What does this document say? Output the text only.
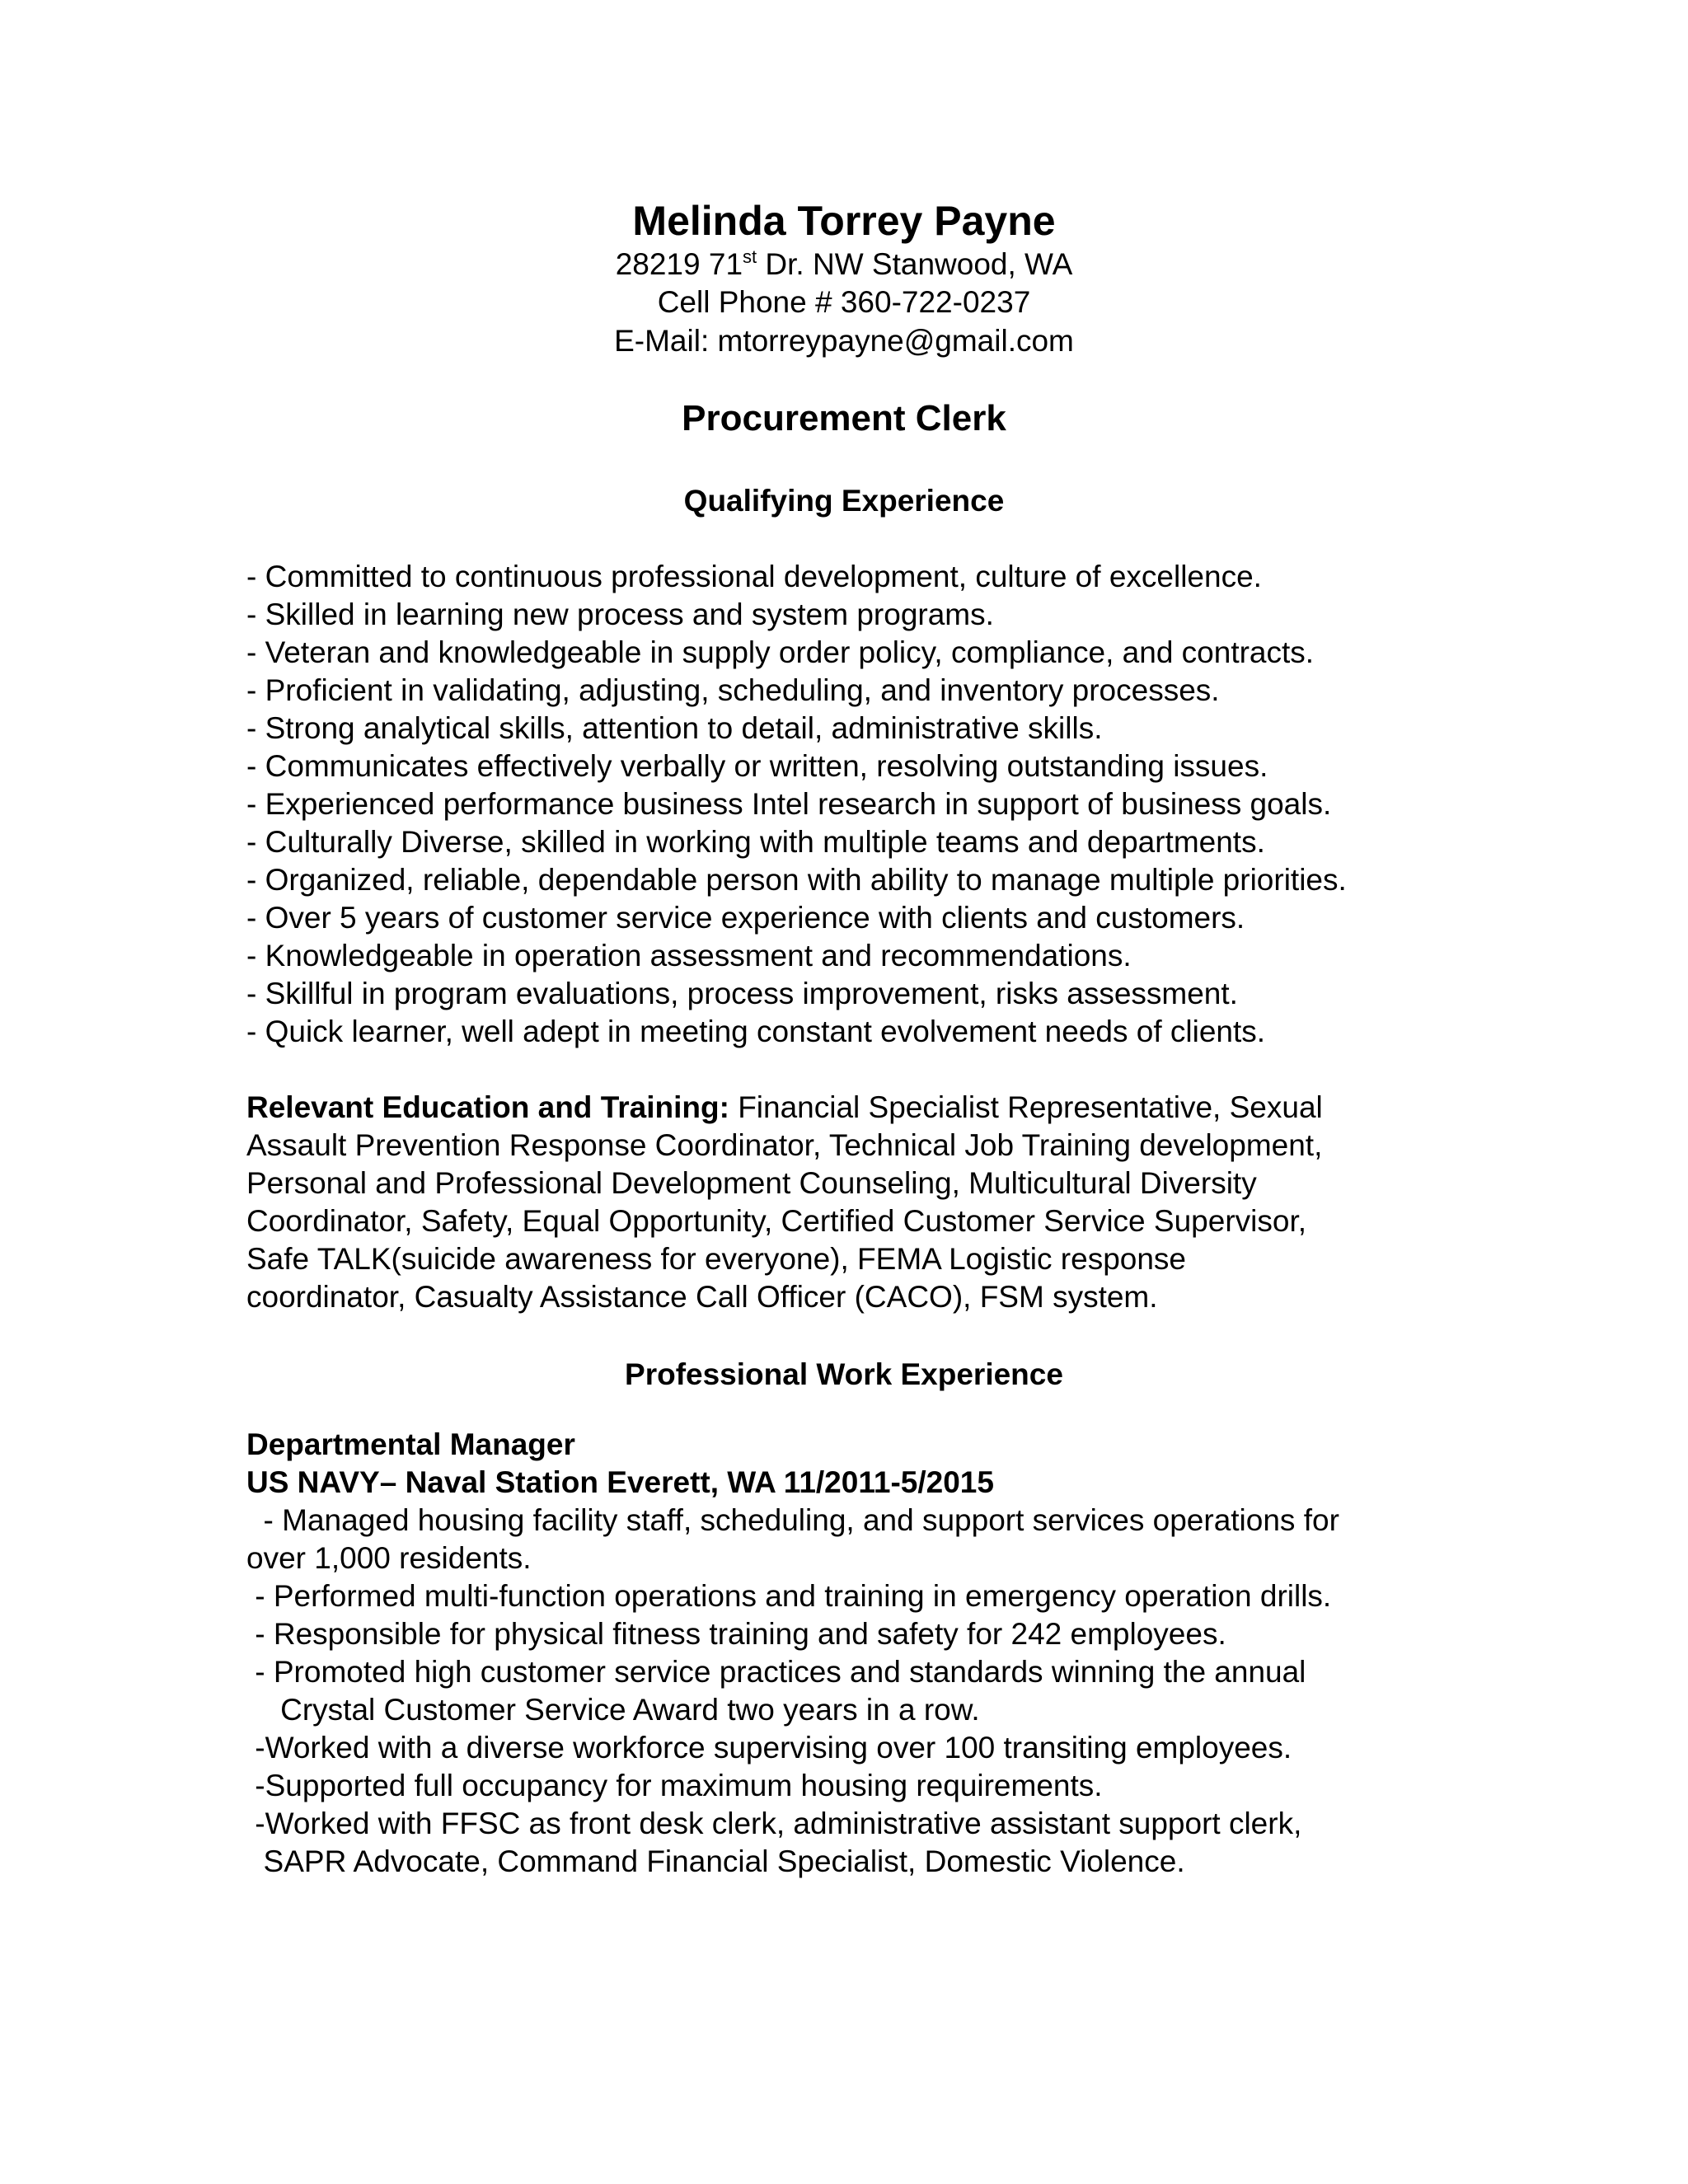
Melinda Torrey Payne
28219 71st Dr. NW Stanwood, WA
Cell Phone # 360-722-0237
E-Mail: mtorreypayne@gmail.com
Procurement Clerk
Qualifying Experience
- Committed to continuous professional development, culture of excellence.
- Skilled in learning new process and system programs.
- Veteran and knowledgeable in supply order policy, compliance, and contracts.
- Proficient in validating, adjusting, scheduling, and inventory processes.
- Strong analytical skills, attention to detail, administrative skills.
- Communicates effectively verbally or written, resolving outstanding issues.
- Experienced performance business Intel research in support of business goals.
- Culturally Diverse, skilled in working with multiple teams and departments.
- Organized, reliable, dependable person with ability to manage multiple priorities.
- Over 5 years of customer service experience with clients and customers.
- Knowledgeable in operation assessment and recommendations.
- Skillful in program evaluations, process improvement, risks assessment.
- Quick learner, well adept in meeting constant evolvement needs of clients.

Relevant Education and Training: Financial Specialist Representative, Sexual
Assault Prevention Response Coordinator, Technical Job Training development,
Personal and Professional Development Counseling, Multicultural Diversity
Coordinator, Safety, Equal Opportunity, Certified Customer Service Supervisor,
Safe TALK(suicide awareness for everyone), FEMA Logistic response
coordinator, Casualty Assistance Call Officer (CACO), FSM system.

Professional Work Experience
Departmental Manager
US NAVY– Naval Station Everett, WA 11/2011-5/2015
- Managed housing facility staff, scheduling, and support services operations for
over 1,000 residents.
- Performed multi-function operations and training in emergency operation drills.
- Responsible for physical fitness training and safety for 242 employees.
- Promoted high customer service practices and standards winning the annual
Crystal Customer Service Award two years in a row.
-Worked with a diverse workforce supervising over 100 transiting employees.
-Supported full occupancy for maximum housing requirements.
-Worked with FFSC as front desk clerk, administrative assistant support clerk,
SAPR Advocate, Command Financial Specialist, Domestic Violence.
